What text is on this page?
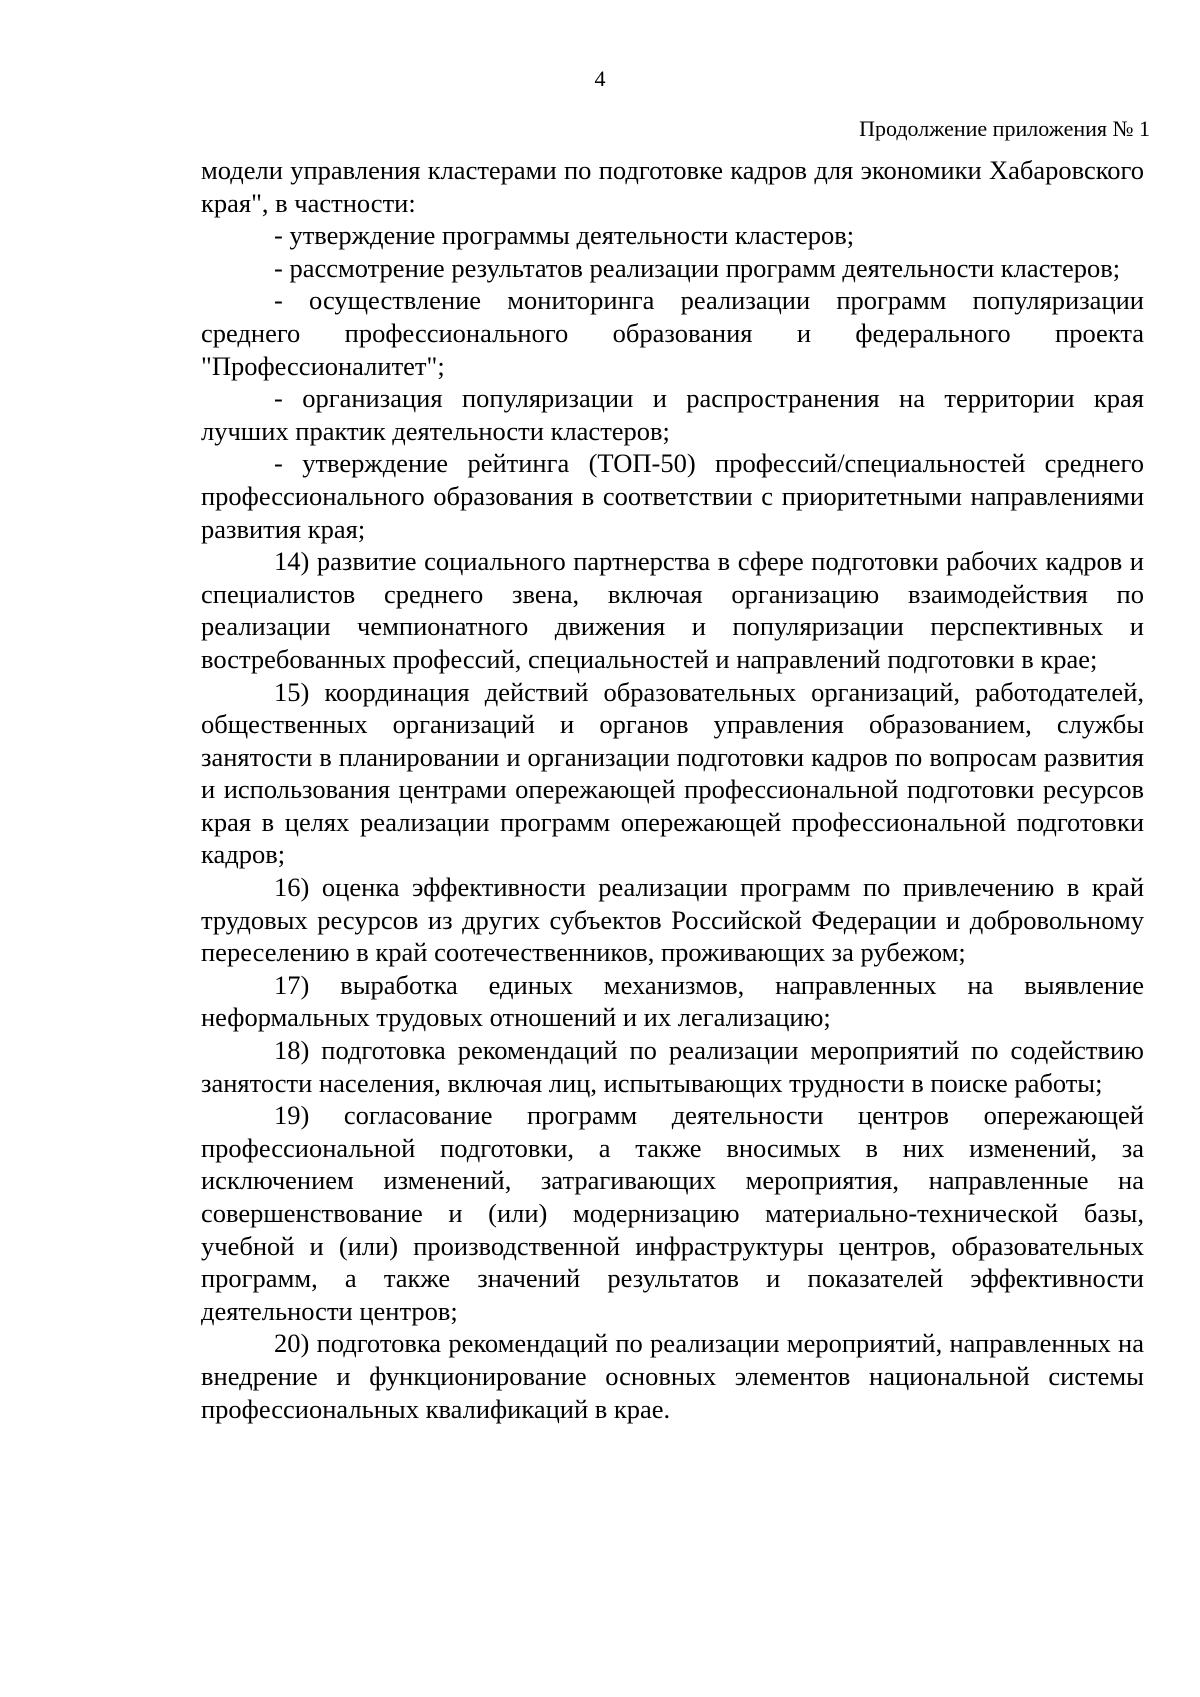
4
Продолжение приложения № 1

модели управления кластерами по подготовке кадров для экономики Хабаровского края", в частности:

- утверждение программы деятельности кластеров;

- рассмотрение результатов реализации программ деятельности кластеров;

- осуществление мониторинга реализации программ популяризации среднего профессионального образования и федерального проекта "Профессионалитет";

- организация популяризации и распространения на территории края лучших практик деятельности кластеров;

- утверждение рейтинга (ТОП-50) профессий/специальностей среднего профессионального образования в соответствии с приоритетными направлениями развития края;

14) развитие социального партнерства в сфере подготовки рабочих кадров и специалистов среднего звена, включая организацию взаимодействия по реализации чемпионатного движения и популяризации перспективных и востребованных профессий, специальностей и направлений подготовки в крае;

15) координация действий образовательных организаций, работодателей, общественных организаций и органов управления образованием, службы занятости в планировании и организации подготовки кадров по вопросам развития и использования центрами опережающей профессиональной подготовки ресурсов края в целях реализации программ опережающей профессиональной подготовки кадров;

16) оценка эффективности реализации программ по привлечению в край трудовых ресурсов из других субъектов Российской Федерации и добровольному переселению в край соотечественников, проживающих за рубежом;

17) выработка единых механизмов, направленных на выявление неформальных трудовых отношений и их легализацию;

18) подготовка рекомендаций по реализации мероприятий по содействию занятости населения, включая лиц, испытывающих трудности в поиске работы;

19) согласование программ деятельности центров опережающей профессиональной подготовки, а также вносимых в них изменений, за исключением изменений, затрагивающих мероприятия, направленные на совершенствование и (или) модернизацию материально-технической базы, учебной и (или) производственной инфраструктуры центров, образовательных программ, а также значений результатов и показателей эффективности деятельности центров;

20) подготовка рекомендаций по реализации мероприятий, направленных на внедрение и функционирование основных элементов национальной системы профессиональных квалификаций в крае.
